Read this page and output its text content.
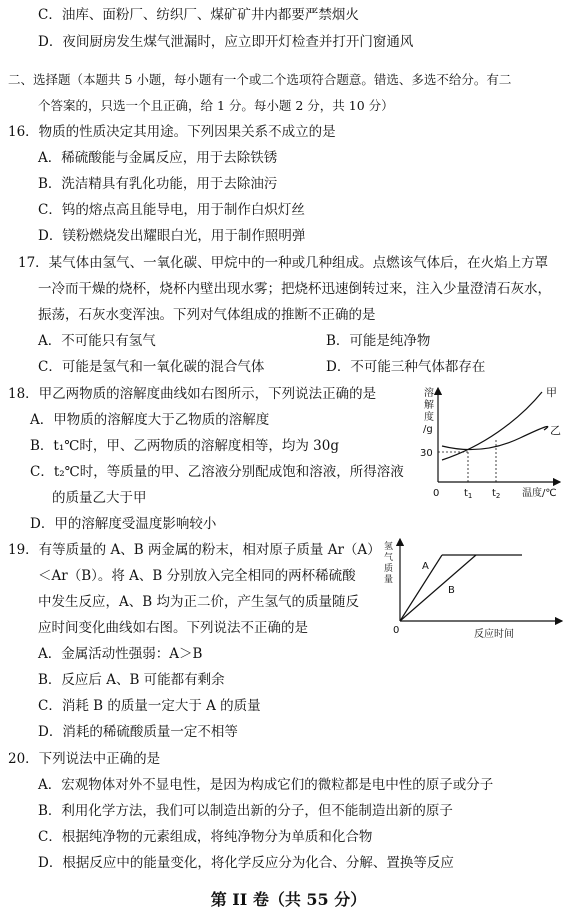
C．油库、面粉厂、纺织厂、煤矿矿井内都要严禁烟火
D．夜间厨房发生煤气泄漏时，应立即开灯检查并打开门窗通风
二、选择题（本题共 5 小题，每小题有一个或二个选项符合题意。错选、多选不给分。有二
个答案的，只选一个且正确，给 1 分。每小题 2 分，共 10 分）
16．物质的性质决定其用途。下列因果关系不成立的是
A．稀硫酸能与金属反应，用于去除铁锈
B．洗洁精具有乳化功能，用于去除油污
C．钨的熔点高且能导电，用于制作白炽灯丝
D．镁粉燃烧发出耀眼白光，用于制作照明弹
17．某气体由氢气、一氧化碳、甲烷中的一种或几种组成。点燃该气体后，在火焰上方罩
一冷而干燥的烧杯，烧杯内壁出现水雾；把烧杯迅速倒转过来，注入少量澄清石灰水，
振荡，石灰水变浑浊。下列对气体组成的推断不正确的是
A．不可能只有氢气	B．可能是纯净物
C．可能是氢气和一氧化碳的混合气体	D．不可能三种气体都存在
18．甲乙两物质的溶解度曲线如右图所示，下列说法正确的是
A．甲物质的溶解度大于乙物质的溶解度
B．t₁℃时，甲、乙两物质的溶解度相等，均为 30g
C．t₂℃时，等质量的甲、乙溶液分别配成饱和溶液，所得溶液
的质量乙大于甲
D．甲的溶解度受温度影响较小
溶
解
度
/g
30
0	温度/℃
$t_1$ $t_2$
甲
乙
19．有等质量的 A、B 两金属的粉末，相对原子质量 Ar（A）
＜Ar（B）。将 A、B 分别放入完全相同的两杯稀硫酸
中发生反应，A、B 均为正二价，产生氢气的质量随反
应时间变化曲线如右图。下列说法不正确的是
A．金属活动性强弱：A＞B
B．反应后 A、B 可能都有剩余
C．消耗 B 的质量一定大于 A 的质量
D．消耗的稀硫酸质量一定不相等
氢
气
质
量
0	反应时间
A
B
20．下列说法中正确的是
A．宏观物体对外不显电性，是因为构成它们的微粒都是电中性的原子或分子
B．利用化学方法，我们可以制造出新的分子，但不能制造出新的原子
C．根据纯净物的元素组成，将纯净物分为单质和化合物
D．根据反应中的能量变化，将化学反应分为化合、分解、置换等反应
第 II 卷（共 55 分）
